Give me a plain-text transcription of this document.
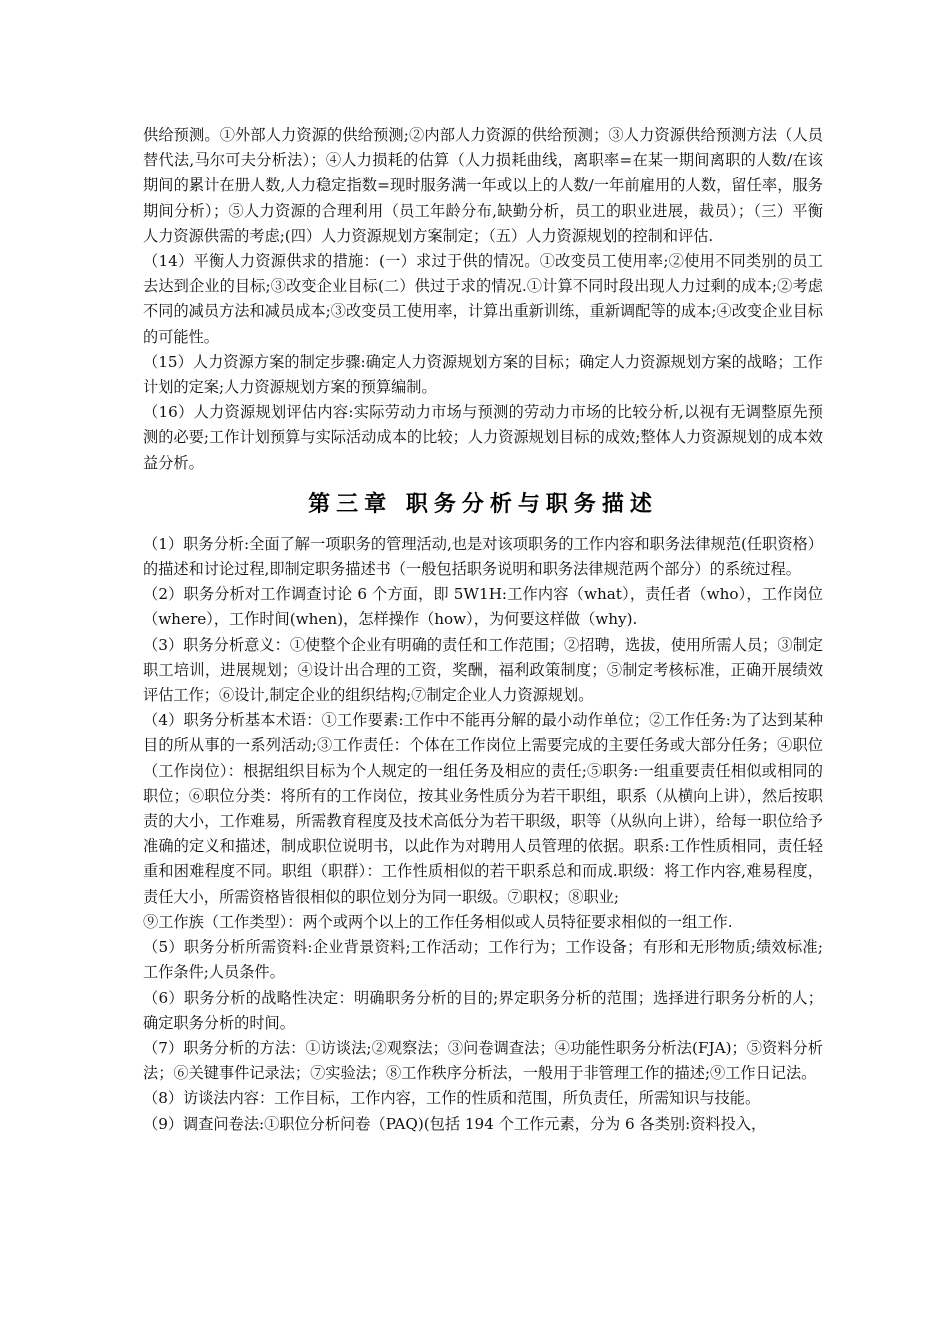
供给预测。①外部人力资源的供给预测;②内部人力资源的供给预测；③人力资源供给预测方法（人员替代法,马尔可夫分析法）；④人力损耗的估算（人力损耗曲线，离职率=在某一期间离职的人数/在该期间的累计在册人数,人力稳定指数=现时服务满一年或以上的人数/一年前雇用的人数，留任率，服务期间分析）；⑤人力资源的合理利用（员工年龄分布,缺勤分析，员工的职业进展，裁员）；（三）平衡人力资源供需的考虑;(四）人力资源规划方案制定；（五）人力资源规划的控制和评估.

（14）平衡人力资源供求的措施：(一）求过于供的情况。①改变员工使用率;②使用不同类别的员工去达到企业的目标;③改变企业目标(二）供过于求的情况.①计算不同时段出现人力过剩的成本;②考虑不同的减员方法和减员成本;③改变员工使用率，计算出重新训练，重新调配等的成本;④改变企业目标的可能性。

（15）人力资源方案的制定步骤:确定人力资源规划方案的目标；确定人力资源规划方案的战略；工作计划的定案;人力资源规划方案的预算编制。

（16）人力资源规划评估内容:实际劳动力市场与预测的劳动力市场的比较分析,以视有无调整原先预测的必要;工作计划预算与实际活动成本的比较；人力资源规划目标的成效;整体人力资源规划的成本效益分析。

第三章 职务分析与职务描述

（1）职务分析:全面了解一项职务的管理活动,也是对该项职务的工作内容和职务法律规范(任职资格）的描述和讨论过程,即制定职务描述书（一般包括职务说明和职务法律规范两个部分）的系统过程。

（2）职务分析对工作调查讨论 6 个方面，即 5W1H:工作内容（what），责任者（who），工作岗位（where），工作时间(when)，怎样操作（how），为何要这样做（why).

（3）职务分析意义：①使整个企业有明确的责任和工作范围；②招聘，选拔，使用所需人员；③制定职工培训，进展规划；④设计出合理的工资，奖酬，福利政策制度；⑤制定考核标准，正确开展绩效评估工作；⑥设计,制定企业的组织结构;⑦制定企业人力资源规划。

（4）职务分析基本术语：①工作要素:工作中不能再分解的最小动作单位；②工作任务:为了达到某种目的所从事的一系列活动;③工作责任：个体在工作岗位上需要完成的主要任务或大部分任务；④职位（工作岗位）：根据组织目标为个人规定的一组任务及相应的责任;⑤职务:一组重要责任相似或相同的职位；⑥职位分类：将所有的工作岗位，按其业务性质分为若干职组，职系（从横向上讲），然后按职责的大小，工作难易，所需教育程度及技术高低分为若干职级，职等（从纵向上讲），给每一职位给予准确的定义和描述，制成职位说明书，以此作为对聘用人员管理的依据。职系:工作性质相同，责任轻重和困难程度不同。职组（职群）：工作性质相似的若干职系总和而成.职级：将工作内容,难易程度，责任大小，所需资格皆很相似的职位划分为同一职级。⑦职权；⑧职业;

⑨工作族（工作类型）：两个或两个以上的工作任务相似或人员特征要求相似的一组工作.

（5）职务分析所需资料:企业背景资料;工作活动；工作行为；工作设备；有形和无形物质;绩效标准;工作条件;人员条件。

（6）职务分析的战略性决定：明确职务分析的目的;界定职务分析的范围；选择进行职务分析的人；确定职务分析的时间。

（7）职务分析的方法：①访谈法;②观察法；③问卷调查法；④功能性职务分析法(FJA)；⑤资料分析法；⑥关键事件记录法；⑦实验法；⑧工作秩序分析法，一般用于非管理工作的描述;⑨工作日记法。

（8）访谈法内容：工作目标，工作内容，工作的性质和范围，所负责任，所需知识与技能。

（9）调查问卷法:①职位分析问卷（PAQ)(包括 194 个工作元素，分为 6 各类别:资料投入，
